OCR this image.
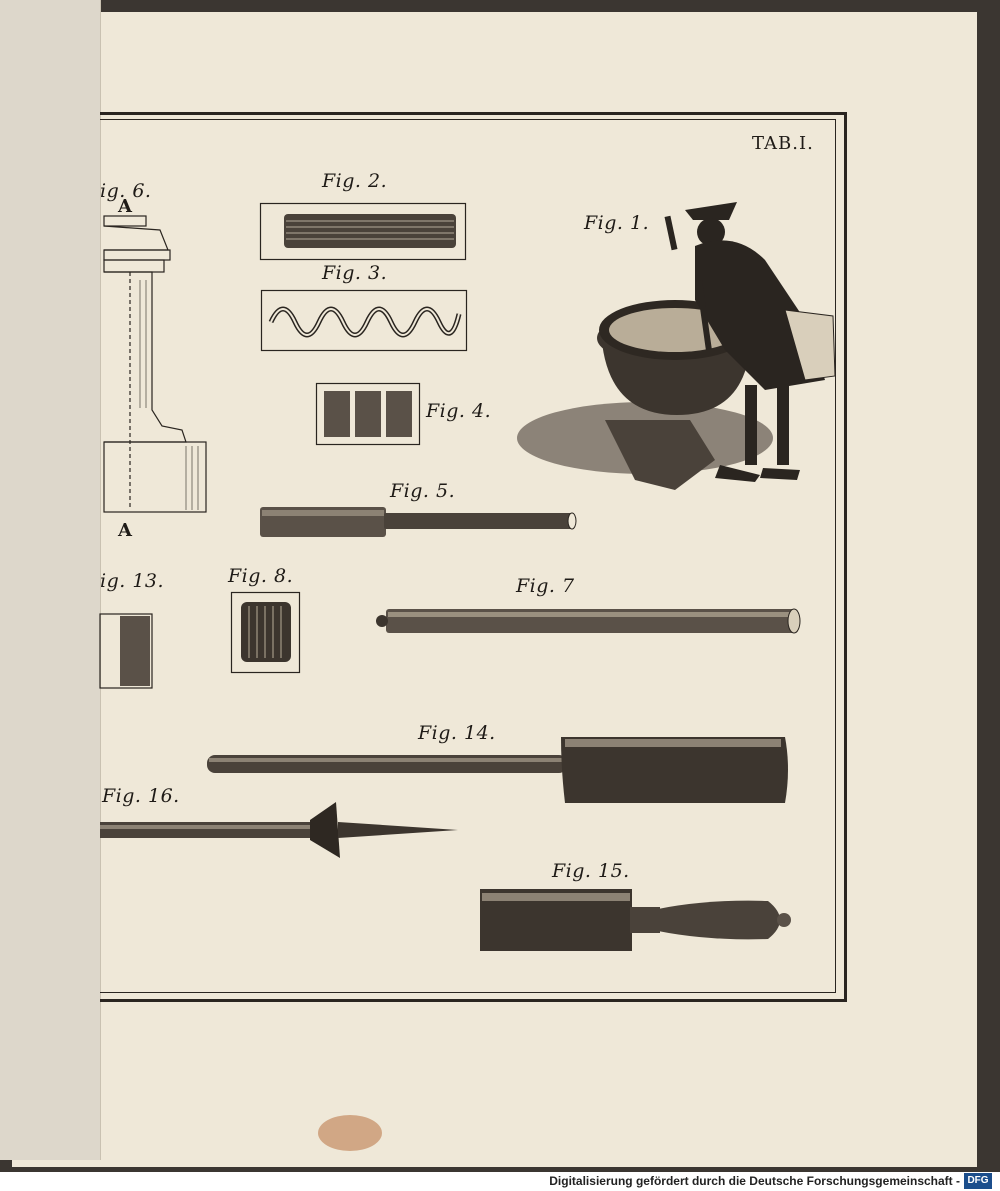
TAB.I.
ig. 6.
A
A
Fig. 2.
Fig. 3.
Fig. 4.
Fig. 1.
Fig. 5.
ig. 13.	Fig. 8.	Fig. 7
Fig. 14.
Fig. 16.
Fig. 15.
Digitalisierung gefördert durch die Deutsche Forschungsgemeinschaft - DFG
